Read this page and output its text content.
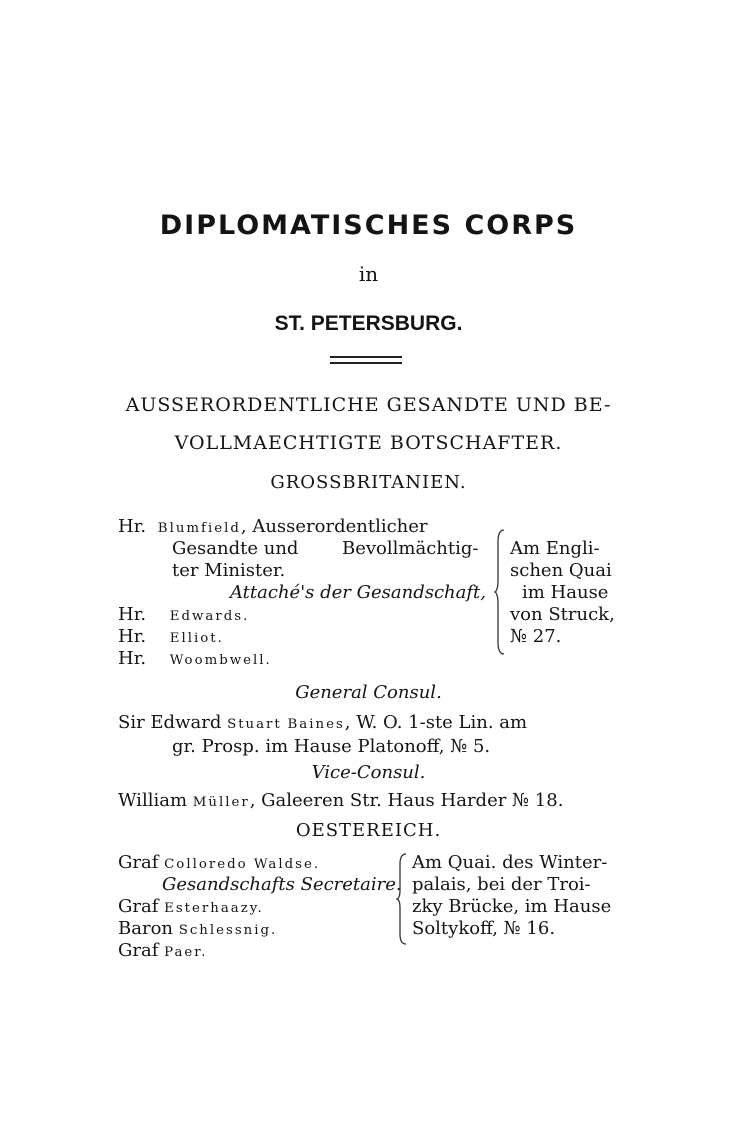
DIPLOMATISCHES CORPS
in
ST. PETERSBURG.
AUSSERORDENTLICHE GESANDTE UND BE-
VOLLMAECHTIGTE BOTSCHAFTER.
GROSSBRITANIEN.
Hr. Blumfield, Ausserordentlicher
Gesandte und Bevollmächtig-
ter Minister.
Attaché's der Gesandschaft,
Hr. Edwards.
Hr. Elliot.
Hr. Woombwell.
Am Engli-
schen Quai
im Hause
von Struck,
№ 27.
General Consul.
Sir Edward Stuart Baines, W. O. 1-ste Lin. am
gr. Prosp. im Hause Platonoff, № 5.
Vice-Consul.
William Müller, Galeeren Str. Haus Harder № 18.
OESTEREICH.
Graf Colloredo Waldse.
Gesandschafts Secretaire.
Graf Esterhaazy.
Baron Schlessnig.
Graf Paer.
Am Quai. des Winter-
palais, bei der Troi-
zky Brücke, im Hause
Soltykoff, № 16.
